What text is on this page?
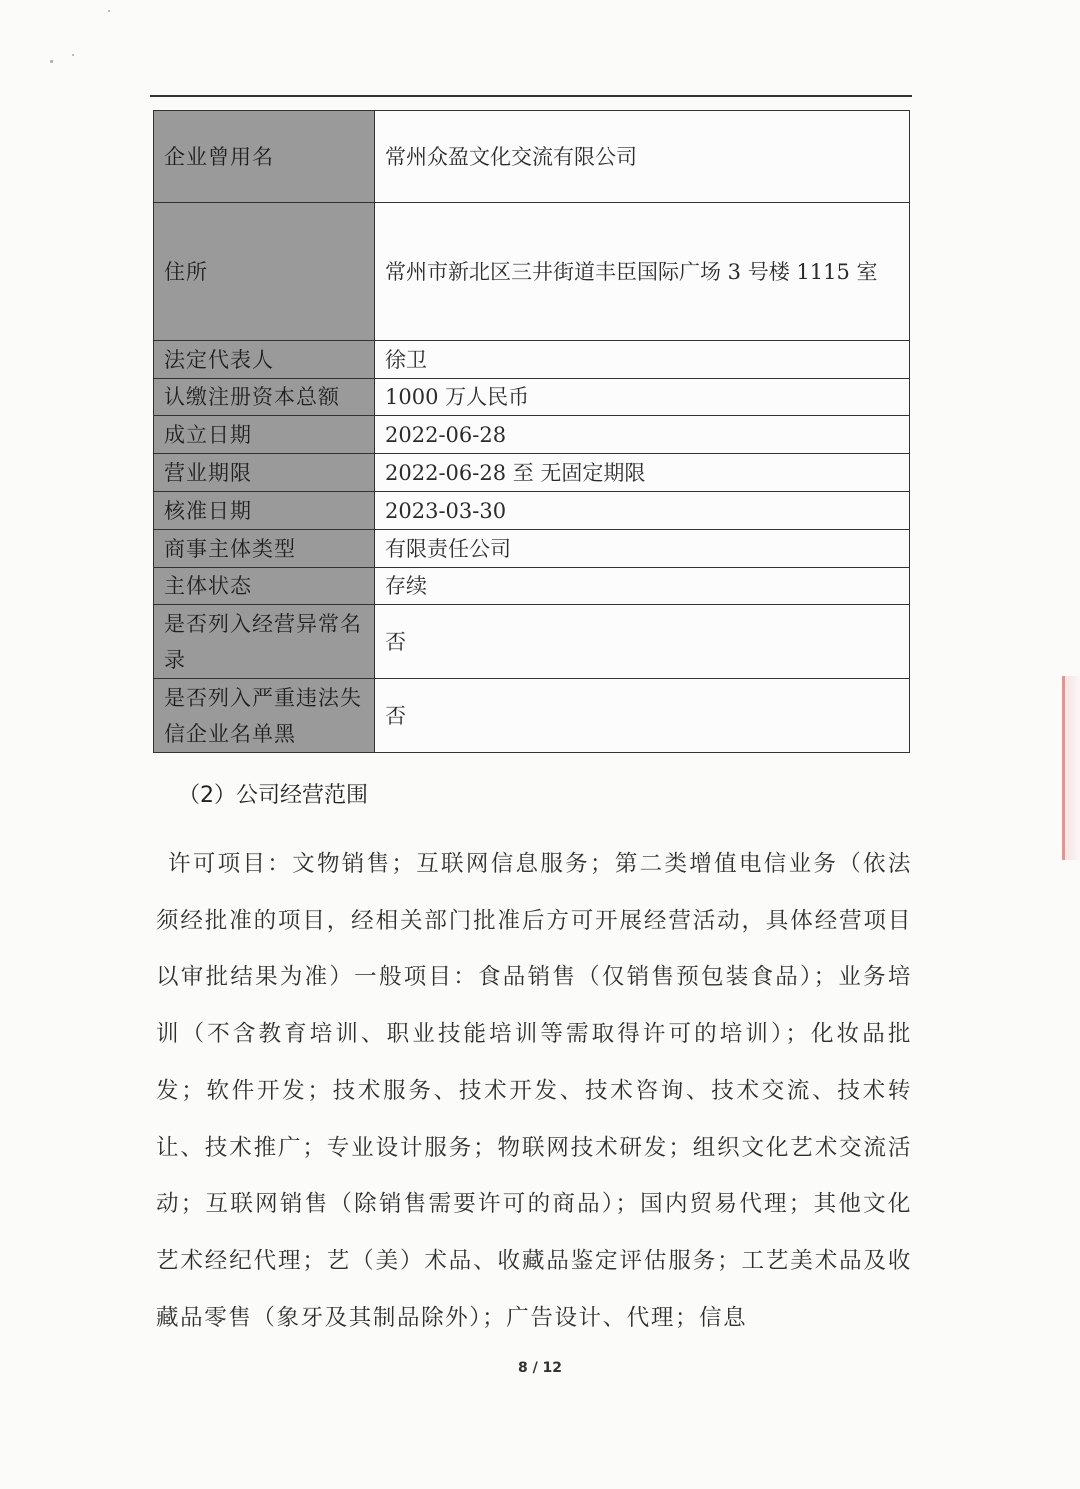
企业曾用名	常州众盈文化交流有限公司
住所	常州市新北区三井街道丰臣国际广场 3 号楼 1115 室
法定代表人	徐卫
认缴注册资本总额	1000 万人民币
成立日期	2022-06-28
营业期限	2022-06-28 至 无固定期限
核准日期	2023-03-30
商事主体类型	有限责任公司
主体状态	存续
是否列入经营异常名录	否
是否列入严重违法失信企业名单黑	否
（2）公司经营范围
许可项目：文物销售；互联网信息服务；第二类增值电信业务（依法须经批准的项目，经相关部门批准后方可开展经营活动，具体经营项目以审批结果为准）一般项目：食品销售（仅销售预包装食品）；业务培训（不含教育培训、职业技能培训等需取得许可的培训）；化妆品批发；软件开发；技术服务、技术开发、技术咨询、技术交流、技术转让、技术推广；专业设计服务；物联网技术研发；组织文化艺术交流活动；互联网销售（除销售需要许可的商品）；国内贸易代理；其他文化艺术经纪代理；艺（美）术品、收藏品鉴定评估服务；工艺美术品及收藏品零售（象牙及其制品除外）；广告设计、代理；信息
8 / 12
